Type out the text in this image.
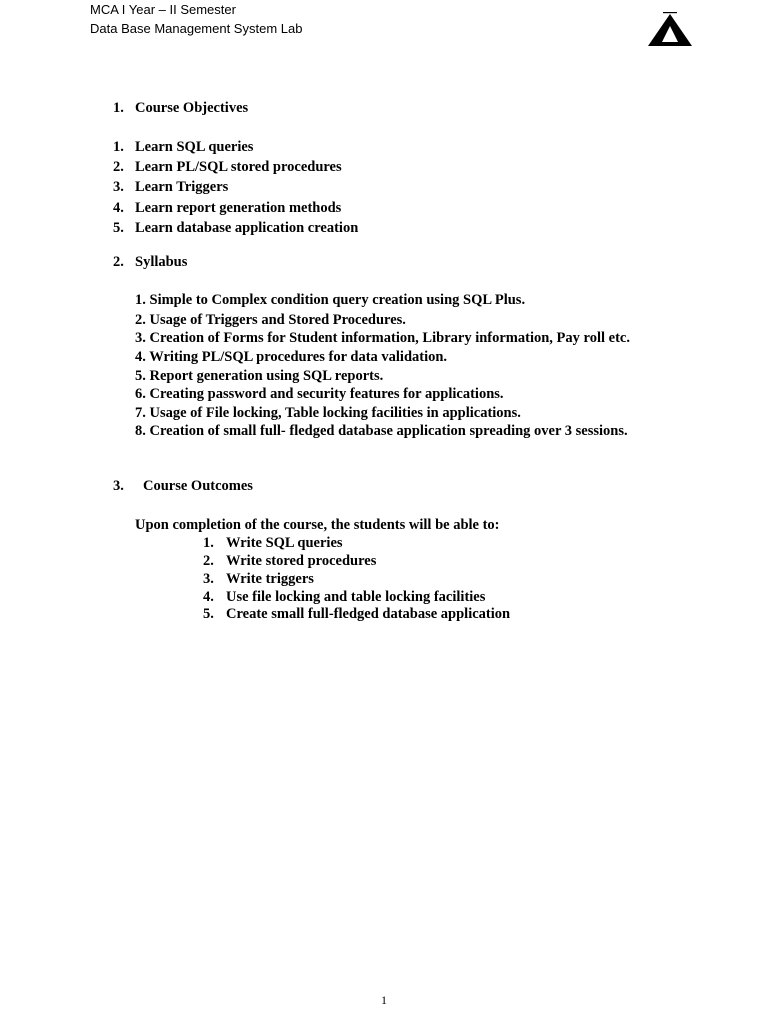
MCA I Year – II Semester
Data Base Management System Lab
1. Course Objectives
1. Learn SQL queries
2. Learn PL/SQL stored procedures
3. Learn Triggers
4. Learn report generation methods
5. Learn database application creation
2. Syllabus
1. Simple to Complex condition query creation using SQL Plus.
2. Usage of Triggers and Stored Procedures.
3. Creation of Forms for Student information, Library information, Pay roll etc.
4. Writing PL/SQL procedures for data validation.
5. Report generation using SQL reports.
6. Creating password and security features for applications.
7. Usage of File locking, Table locking facilities in applications.
8. Creation of small full- fledged database application spreading over 3 sessions.
3. Course Outcomes
Upon completion of the course, the students will be able to:
1. Write SQL queries
2. Write stored procedures
3. Write triggers
4. Use file locking and table locking facilities
5. Create small full-fledged database application
1
